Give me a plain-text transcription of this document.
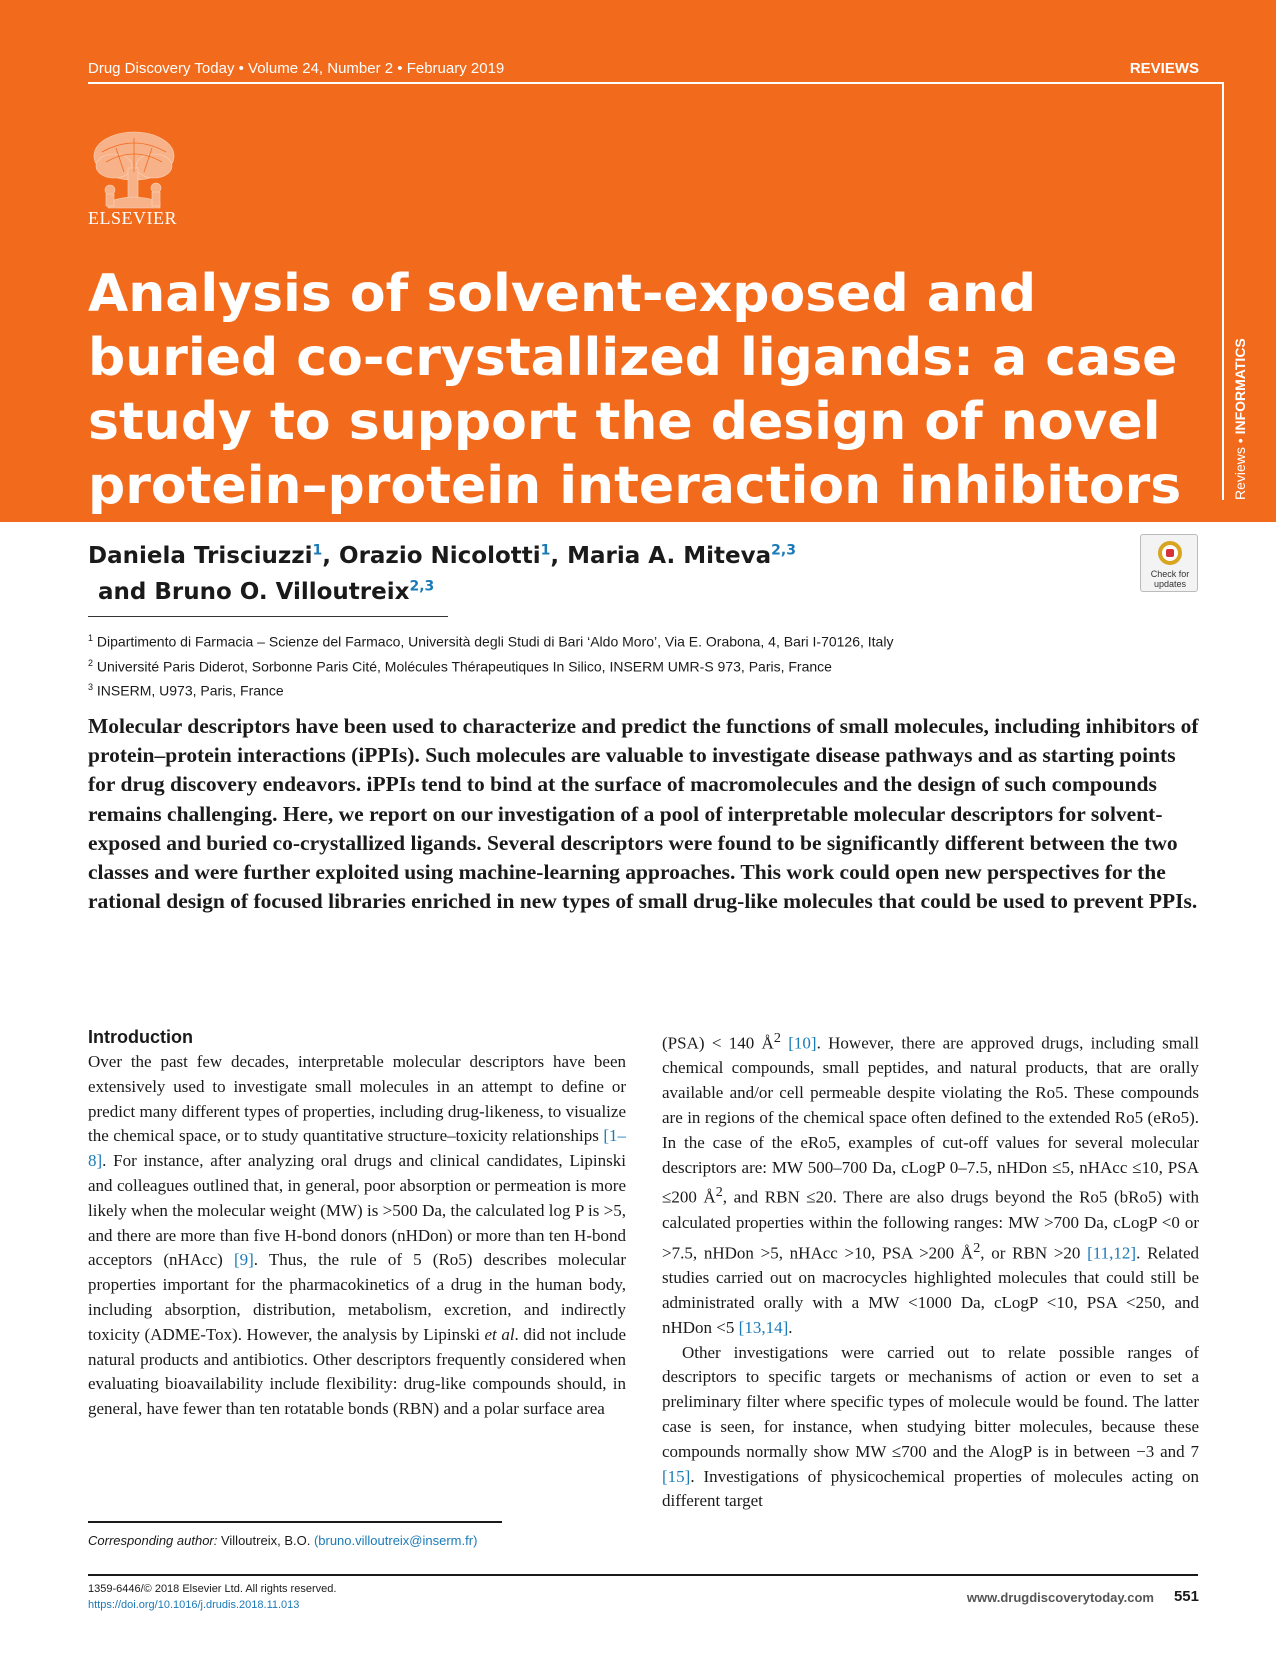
Drug Discovery Today • Volume 24, Number 2 • February 2019	REVIEWS
Reviews • INFORMATICS
ELSEVIER
Analysis of solvent-exposed and buried co-crystallized ligands: a case study to support the design of novel protein–protein interaction inhibitors
Daniela Trisciuzzi$^1$, Orazio Nicolotti$^1$, Maria A. Miteva$^{2,3}$
and Bruno O. Villoutreix$^{2,3}$
Check for updates
$^1$ Dipartimento di Farmacia – Scienze del Farmaco, Università degli Studi di Bari ‘Aldo Moro’, Via E. Orabona, 4, Bari I-70126, Italy
$^2$ Université Paris Diderot, Sorbonne Paris Cité, Molécules Thérapeutiques In Silico, INSERM UMR-S 973, Paris, France
$^3$ INSERM, U973, Paris, France

Molecular descriptors have been used to characterize and predict the functions of small molecules, including inhibitors of protein–protein interactions (iPPIs). Such molecules are valuable to investigate disease pathways and as starting points for drug discovery endeavors. iPPIs tend to bind at the surface of macromolecules and the design of such compounds remains challenging. Here, we report on our investigation of a pool of interpretable molecular descriptors for solvent-exposed and buried co-crystallized ligands. Several descriptors were found to be significantly different between the two classes and were further exploited using machine-learning approaches. This work could open new perspectives for the rational design of focused libraries enriched in new types of small drug-like molecules that could be used to prevent PPIs.

Introduction

Over the past few decades, interpretable molecular descriptors have been extensively used to investigate small molecules in an attempt to define or predict many different types of properties, including drug-likeness, to visualize the chemical space, or to study quantitative structure–toxicity relationships [1–8]. For instance, after analyzing oral drugs and clinical candidates, Lipinski and colleagues outlined that, in general, poor absorption or permeation is more likely when the molecular weight (MW) is >500 Da, the calculated log P is >5, and there are more than five H-bond donors (nHDon) or more than ten H-bond acceptors (nHAcc) [9]. Thus, the rule of 5 (Ro5) describes molecular properties important for the pharmacokinetics of a drug in the human body, including absorption, distribution, metabolism, excretion, and indirectly toxicity (ADME-Tox). However, the analysis by Lipinski et al. did not include natural products and antibiotics. Other descriptors frequently considered when evaluating bioavailability include flexibility: drug-like compounds should, in general, have fewer than ten rotatable bonds (RBN) and a polar surface area

(PSA) < 140 $Å^2$ [10]. However, there are approved drugs, including small chemical compounds, small peptides, and natural products, that are orally available and/or cell permeable despite violating the Ro5. These compounds are in regions of the chemical space often defined to the extended Ro5 (eRo5). In the case of the eRo5, examples of cut-off values for several molecular descriptors are: MW 500–700 Da, cLogP 0–7.5, nHDon ≤5, nHAcc ≤10, PSA ≤200 $Å^2$, and RBN ≤20. There are also drugs beyond the Ro5 (bRo5) with calculated properties within the following ranges: MW >700 Da, cLogP <0 or >7.5, nHDon >5, nHAcc >10, PSA >200 $Å^2$, or RBN >20 [11,12]. Related studies carried out on macrocycles highlighted molecules that could still be administrated orally with a MW <1000 Da, cLogP <10, PSA <250, and nHDon <5 [13,14].

Other investigations were carried out to relate possible ranges of descriptors to specific targets or mechanisms of action or even to set a preliminary filter where specific types of molecule would be found. The latter case is seen, for instance, when studying bitter molecules, because these compounds normally show MW ≤700 and the AlogP is in between −3 and 7 [15]. Investigations of physicochemical properties of molecules acting on different target

Corresponding author: Villoutreix, B.O. (bruno.villoutreix@inserm.fr)
1359-6446/© 2018 Elsevier Ltd. All rights reserved.
https://doi.org/10.1016/j.drudis.2018.11.013	www.drugdiscoverytoday.com 551
